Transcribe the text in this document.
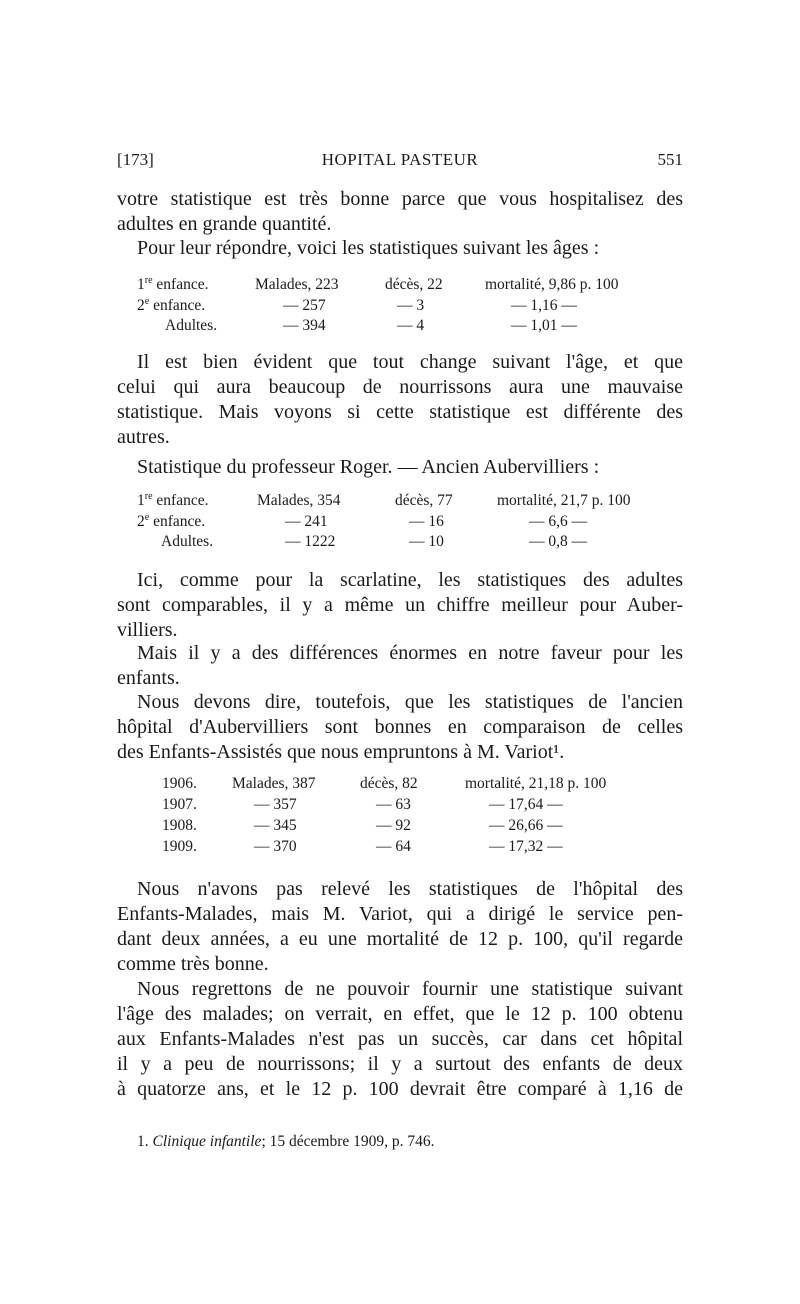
[173]	HOPITAL PASTEUR	551

votre statistique est très bonne parce que vous hospitalisez des
adultes en grande quantité.

Pour leur répondre, voici les statistiques suivant les âges :

1re enfance.	Malades, 223	décès, 22	mortalité, 9,86 p. 100
2e enfance.	— 257	— 3	— 1,16 —
Adultes.	— 394	— 4	— 1,01 —

Il est bien évident que tout change suivant l'âge, et que
celui qui aura beaucoup de nourrissons aura une mauvaise
statistique. Mais voyons si cette statistique est différente des
autres.

Statistique du professeur Roger. — Ancien Aubervilliers :

1re enfance.	Malades, 354	décès, 77	mortalité, 21,7 p. 100
2e enfance.	— 241	— 16	— 6,6 —
Adultes.	— 1222	— 10	— 0,8 —

Ici, comme pour la scarlatine, les statistiques des adultes
sont comparables, il y a même un chiffre meilleur pour Auber-
villiers.

Mais il y a des différences énormes en notre faveur pour les
enfants.

Nous devons dire, toutefois, que les statistiques de l'ancien
hôpital d'Aubervilliers sont bonnes en comparaison de celles
des Enfants-Assistés que nous empruntons à M. Variot¹.

1906.	Malades, 387	décès, 82	mortalité, 21,18 p. 100
1907.	— 357	— 63	— 17,64 —
1908.	— 345	— 92	— 26,66 —
1909.	— 370	— 64	— 17,32 —

Nous n'avons pas relevé les statistiques de l'hôpital des
Enfants-Malades, mais M. Variot, qui a dirigé le service pen-
dant deux années, a eu une mortalité de 12 p. 100, qu'il regarde
comme très bonne.

Nous regrettons de ne pouvoir fournir une statistique suivant
l'âge des malades; on verrait, en effet, que le 12 p. 100 obtenu
aux Enfants-Malades n'est pas un succès, car dans cet hôpital
il y a peu de nourrissons; il y a surtout des enfants de deux
à quatorze ans, et le 12 p. 100 devrait être comparé à 1,16 de

1. Clinique infantile; 15 décembre 1909, p. 746.
